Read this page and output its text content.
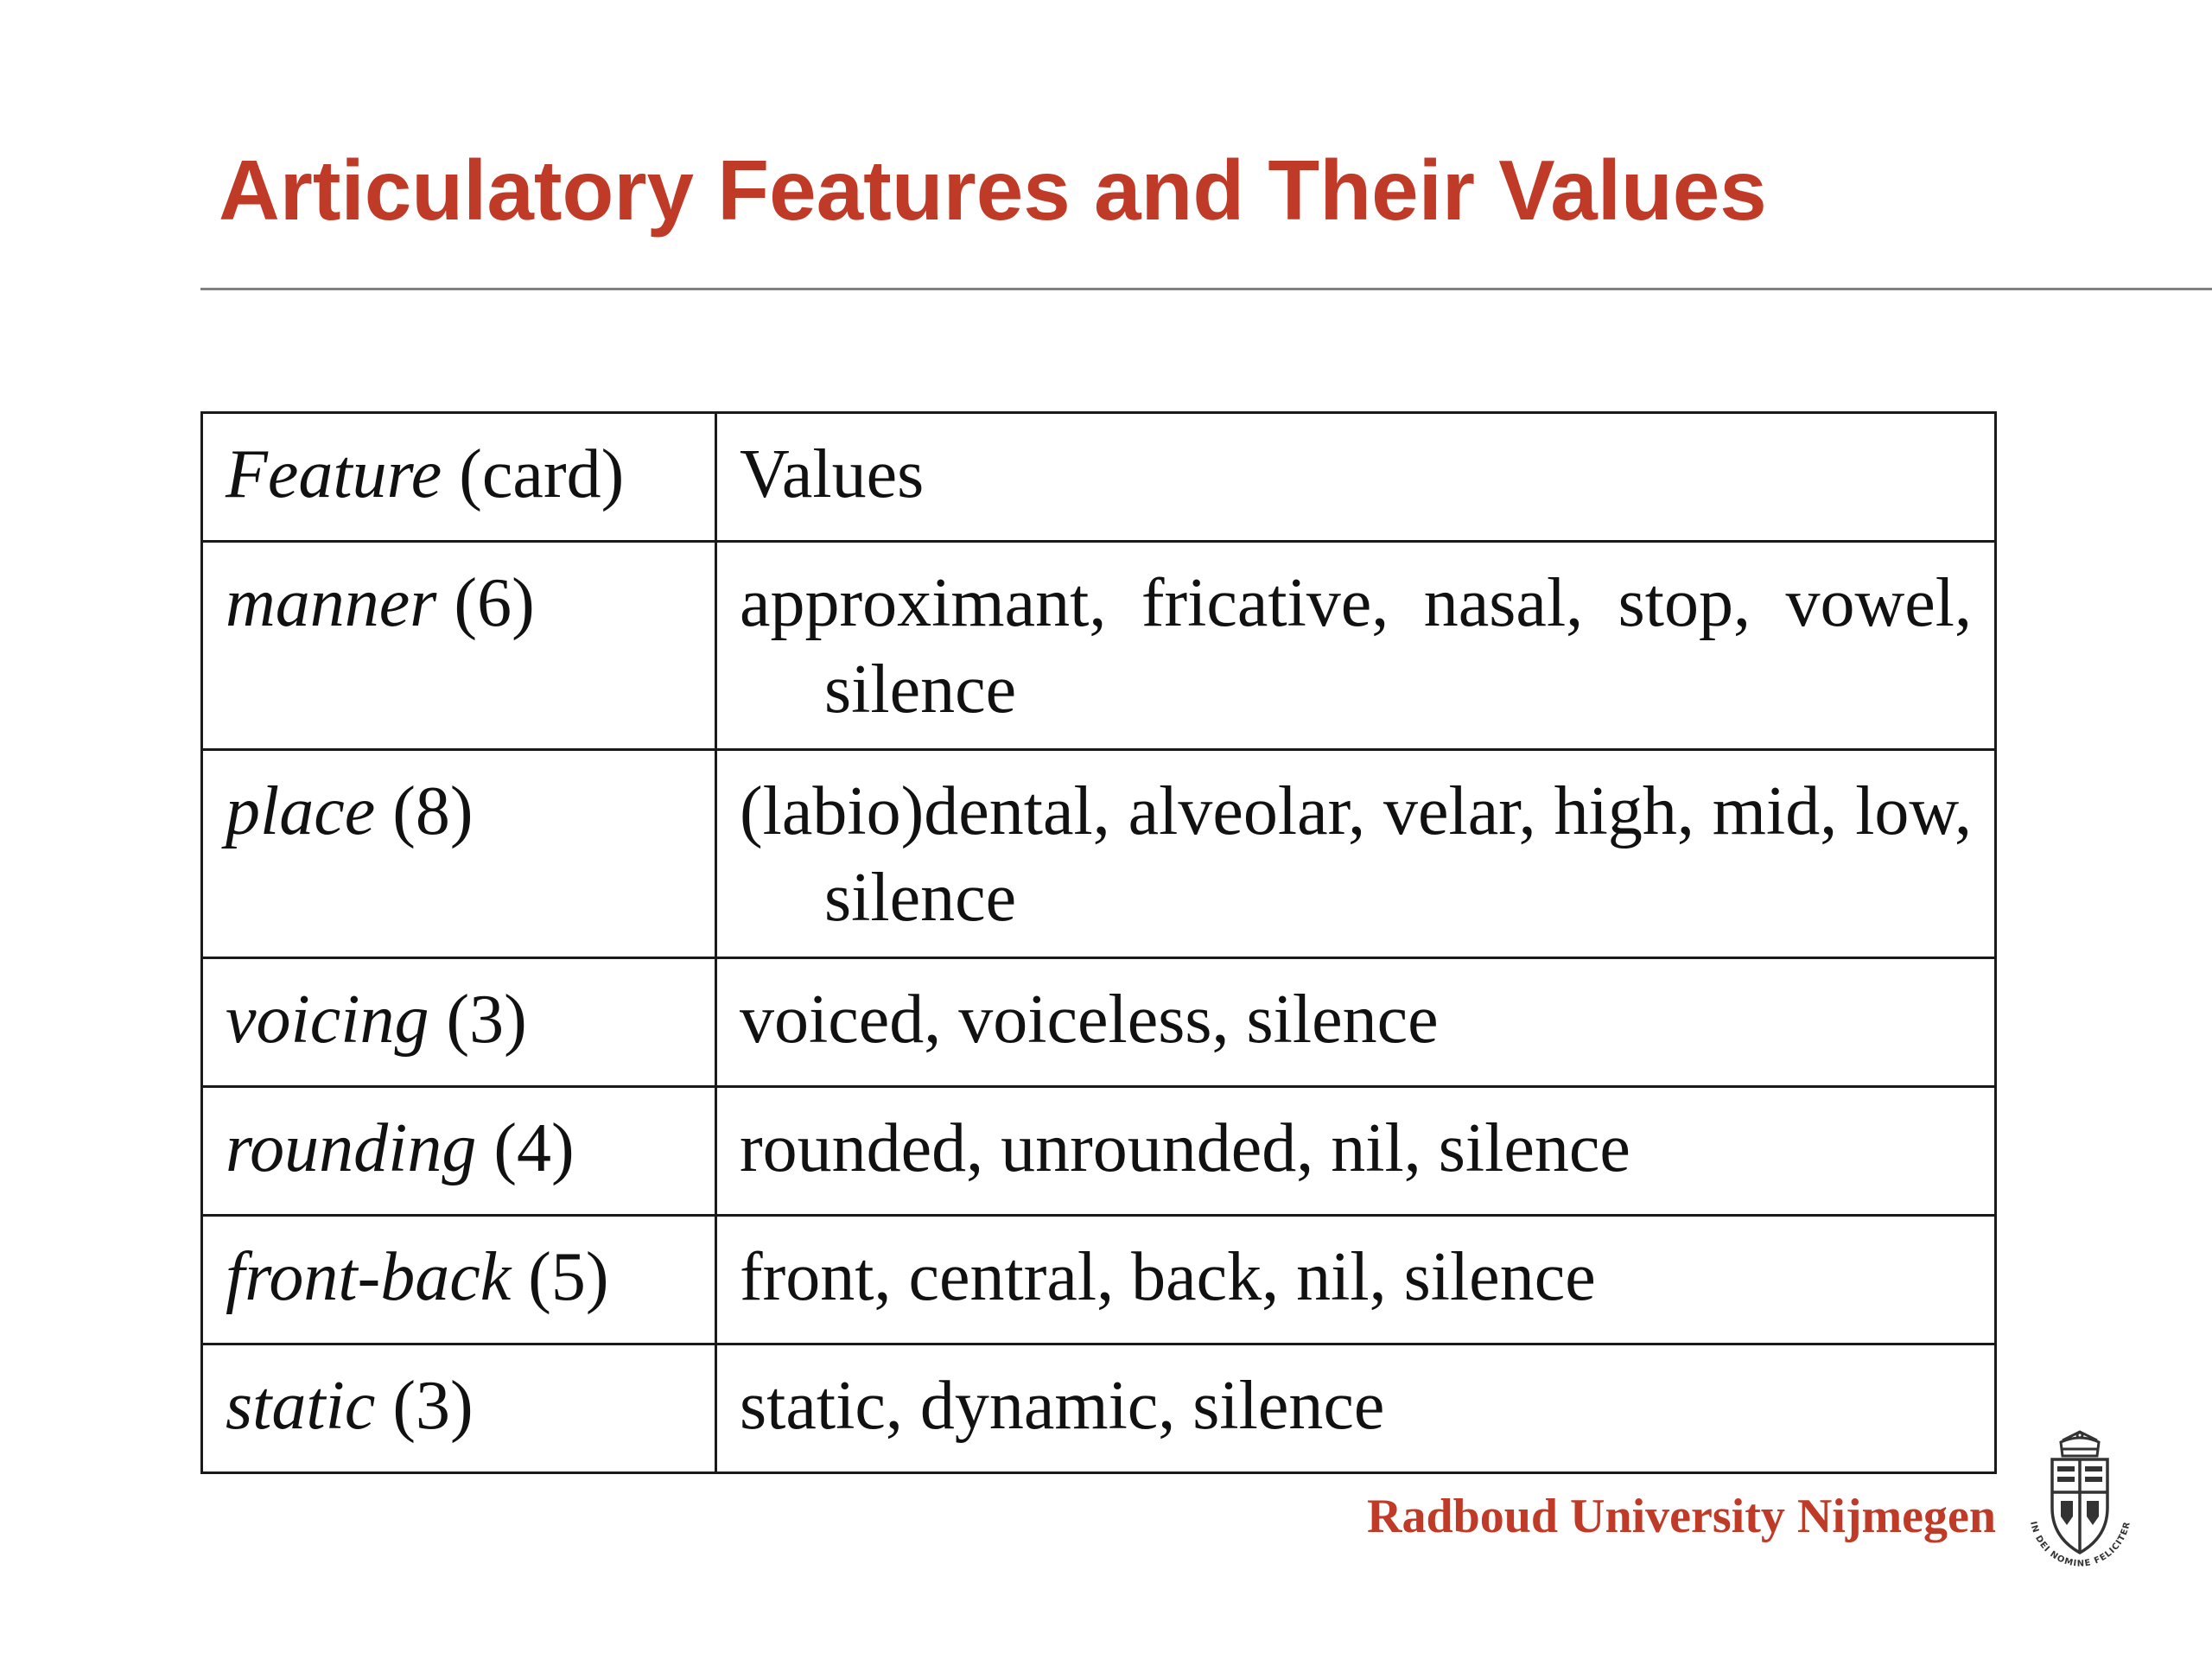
Articulatory Features and Their Values
Feature (card)	Values
manner (6)	approximant, fricative, nasal, stop, vowel, silence

place (8)	(labio)dental, alveolar, velar, high, mid, low, silence

voicing (3)	voiced, voiceless, silence
rounding (4)	rounded, unrounded, nil, silence
front-back (5)	front, central, back, nil, silence
static (3)	static, dynamic, silence
Radboud University Nijmegen	IN DEI NOMINE FELICITER
